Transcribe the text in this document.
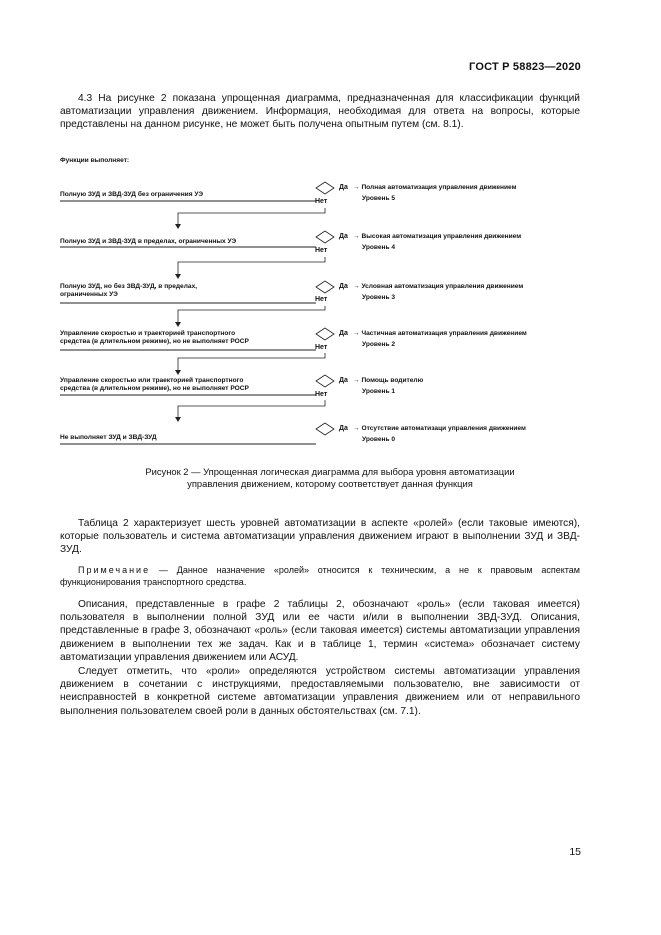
ГОСТ Р 58823—2020
4.3 На рисунке 2 показана упрощенная диаграмма, предназначенная для классификации функций автоматизации управления движением. Информация, необходимая для ответа на вопросы, которые представлены на данном рисунке, не может быть получена опытным путем (см. 8.1).
Функции выполняет:
Полную ЗУД и ЗВД-ЗУД без ограничения УЭ
Да → Полная автоматизация управления движением
Уровень 5
Нет
Полную ЗУД и ЗВД-ЗУД в пределах, ограниченных УЭ
Да → Высокая автоматизация управления движением
Уровень 4
Нет
Полную ЗУД, но без ЗВД-ЗУД, в пределах,
ограниченных УЭ
Да → Условная автоматизация управления движением
Уровень 3
Нет
Управление скоростью и траекторией транспортного
средства (в длительном режиме), но не выполняет РОСР
Да → Частичная автоматизация управления движением
Уровень 2
Нет
Управление скоростью или траекторией транспортного
средства (в длительном режиме), но не выполняет РОСР
Да → Помощь водителю
Уровень 1
Нет
Не выполняет ЗУД и ЗВД-ЗУД
Да → Отсутствие автоматизаци управления движением
Уровень 0
Рисунок 2 — Упрощенная логическая диаграмма для выбора уровня автоматизации
управления движением, которому соответствует данная функция
Таблица 2 характеризует шесть уровней автоматизации в аспекте «ролей» (если таковые имеются), которые пользователь и система автоматизации управления движением играют в выполнении ЗУД и ЗВД-ЗУД.
Примечание — Данное назначение «ролей» относится к техническим, а не к правовым аспектам функционирования транспортного средства.
Описания, представленные в графе 2 таблицы 2, обозначают «роль» (если таковая имеется) пользователя в выполнении полной ЗУД или ее части и/или в выполнении ЗВД-ЗУД. Описания, представленные в графе 3, обозначают «роль» (если таковая имеется) системы автоматизации управления движением в выполнении тех же задач. Как и в таблице 1, термин «система» обозначает систему автоматизации управления движением или АСУД.
Следует отметить, что «роли» определяются устройством системы автоматизации управления движением в сочетании с инструкциями, предоставляемыми пользователю, вне зависимости от неисправностей в конкретной системе автоматизации управления движением или от неправильного выполнения пользователем своей роли в данных обстоятельствах (см. 7.1).
15
